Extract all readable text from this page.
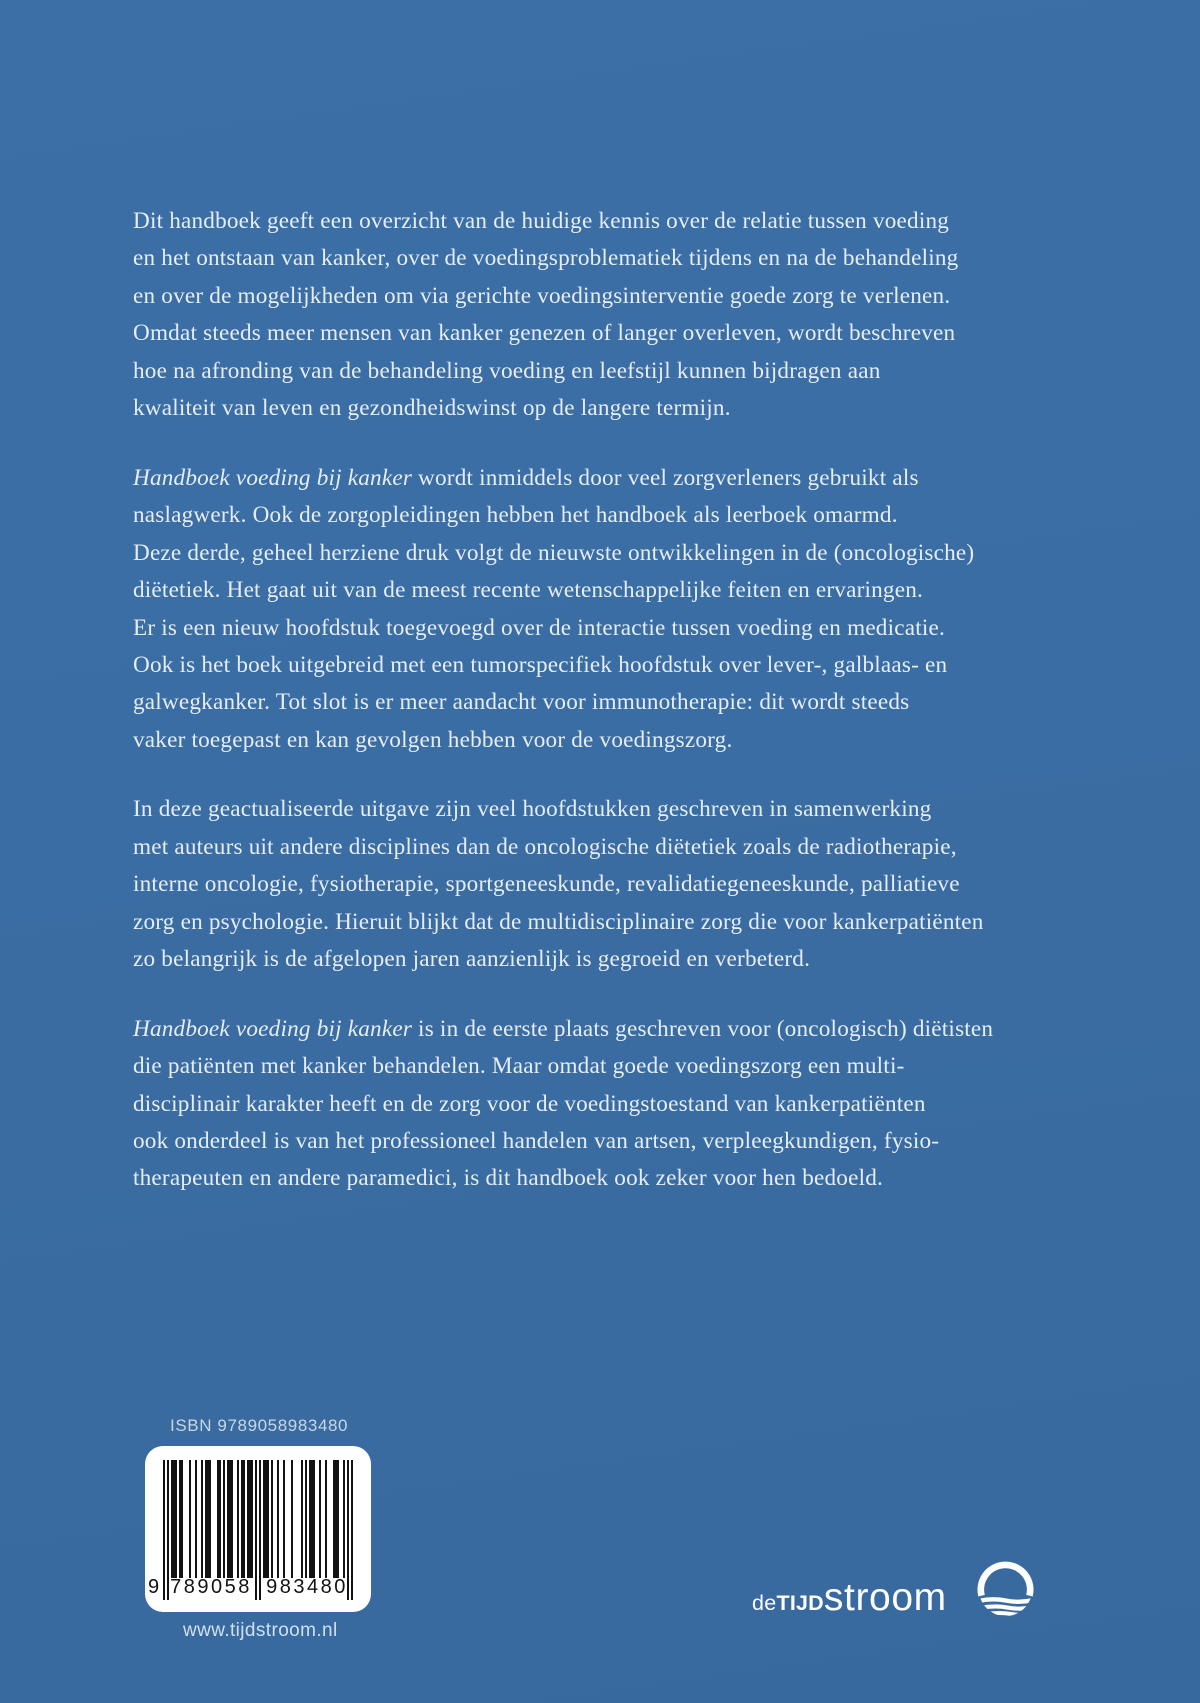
Dit handboek geeft een overzicht van de huidige kennis over de relatie tussen voeding
en het ontstaan van kanker, over de voedingsproblematiek tijdens en na de behandeling
en over de mogelijkheden om via gerichte voedingsinterventie goede zorg te verlenen.
Omdat steeds meer mensen van kanker genezen of langer overleven, wordt beschreven
hoe na afronding van de behandeling voeding en leefstijl kunnen bijdragen aan
kwaliteit van leven en gezondheidswinst op de langere termijn.
Handboek voeding bij kanker wordt inmiddels door veel zorgverleners gebruikt als
naslagwerk. Ook de zorgopleidingen hebben het handboek als leerboek omarmd.
Deze derde, geheel herziene druk volgt de nieuwste ontwikkelingen in de (oncologische)
diëtetiek. Het gaat uit van de meest recente wetenschappelijke feiten en ervaringen.
Er is een nieuw hoofdstuk toegevoegd over de interactie tussen voeding en medicatie.
Ook is het boek uitgebreid met een tumorspecifiek hoofdstuk over lever-, galblaas- en
galwegkanker. Tot slot is er meer aandacht voor immunotherapie: dit wordt steeds
vaker toegepast en kan gevolgen hebben voor de voedingszorg.
In deze geactualiseerde uitgave zijn veel hoofdstukken geschreven in samenwerking
met auteurs uit andere disciplines dan de oncologische diëtetiek zoals de radiotherapie,
interne oncologie, fysiotherapie, sportgeneeskunde, revalidatiegeneeskunde, palliatieve
zorg en psychologie. Hieruit blijkt dat de multidisciplinaire zorg die voor kankerpatiënten
zo belangrijk is de afgelopen jaren aanzienlijk is gegroeid en verbeterd.
Handboek voeding bij kanker is in de eerste plaats geschreven voor (oncologisch) diëtisten
die patiënten met kanker behandelen. Maar omdat goede voedingszorg een multi-
disciplinair karakter heeft en de zorg voor de voedingstoestand van kankerpatiënten
ook onderdeel is van het professioneel handelen van artsen, verpleegkundigen, fysio-
therapeuten en andere paramedici, is dit handboek ook zeker voor hen bedoeld.
ISBN 9789058983480
9 789058 983480
www.tijdstroom.nl
de TIJD stroom
